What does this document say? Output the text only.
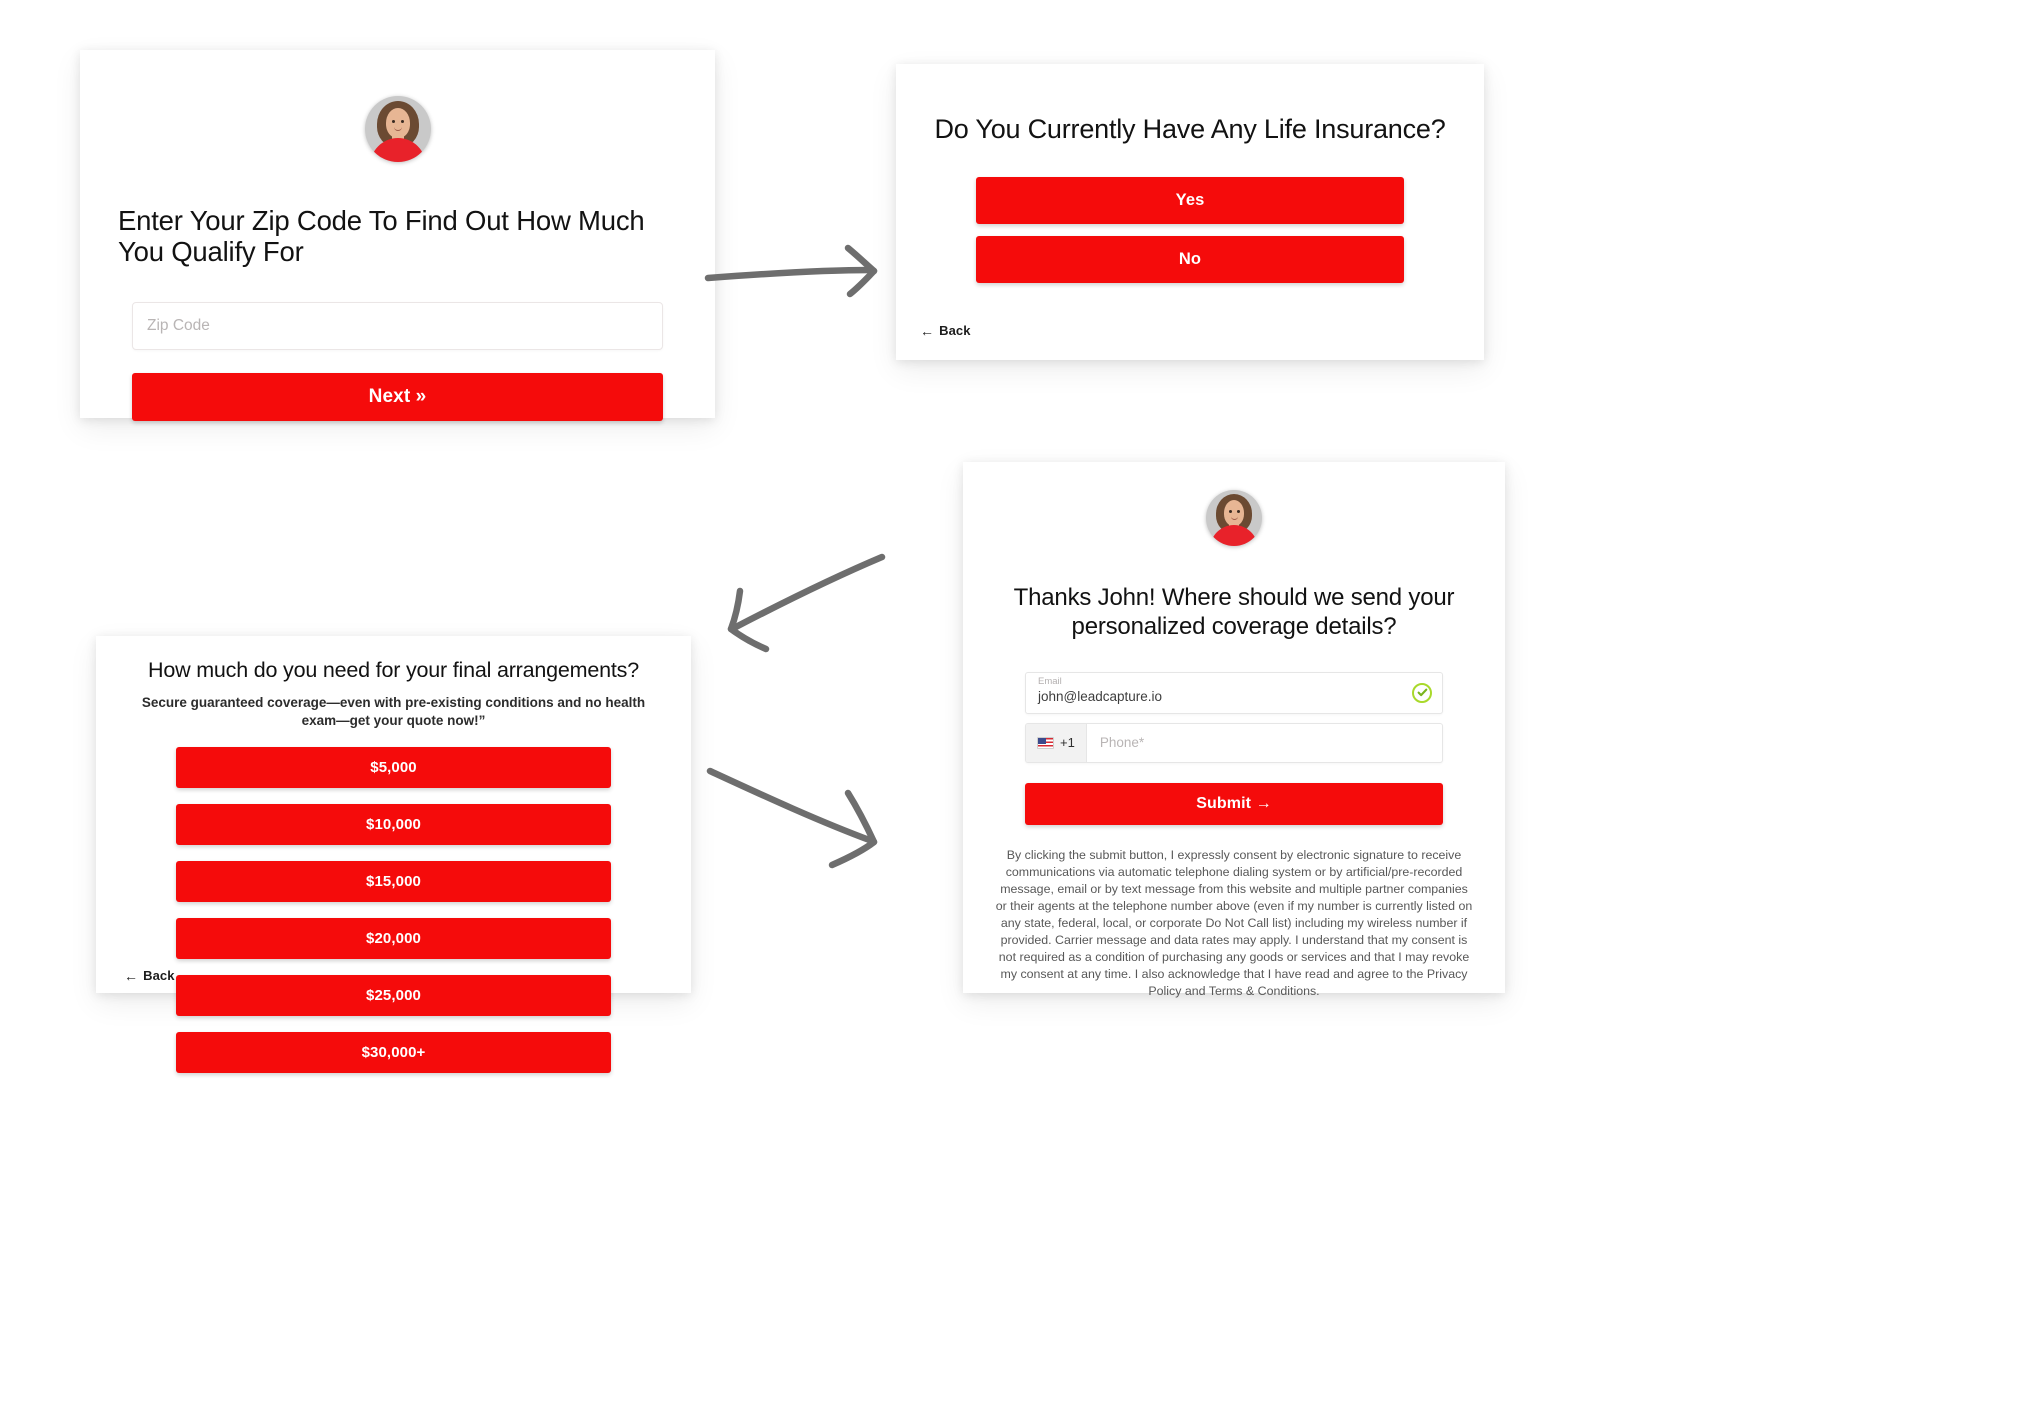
Enter Your Zip Code To Find Out How Much You Qualify For
Zip Code
Next »
Do You Currently Have Any Life Insurance?
Yes
No
← Back
How much do you need for your final arrangements?
Secure guaranteed coverage—even with pre-existing conditions and no health exam—get your quote now!”
$5,000
$10,000
$15,000
$20,000
$25,000
$30,000+
← Back
Thanks John! Where should we send your personalized coverage details?
Email
john@leadcapture.io
+1 Phone*
Submit →
By clicking the submit button, I expressly consent by electronic signature to receive communications via automatic telephone dialing system or by artificial/pre-recorded message, email or by text message from this website and multiple partner companies or their agents at the telephone number above (even if my number is currently listed on any state, federal, local, or corporate Do Not Call list) including my wireless number if provided. Carrier message and data rates may apply. I understand that my consent is not required as a condition of purchasing any goods or services and that I may revoke my consent at any time. I also acknowledge that I have read and agree to the Privacy Policy and Terms & Conditions.
